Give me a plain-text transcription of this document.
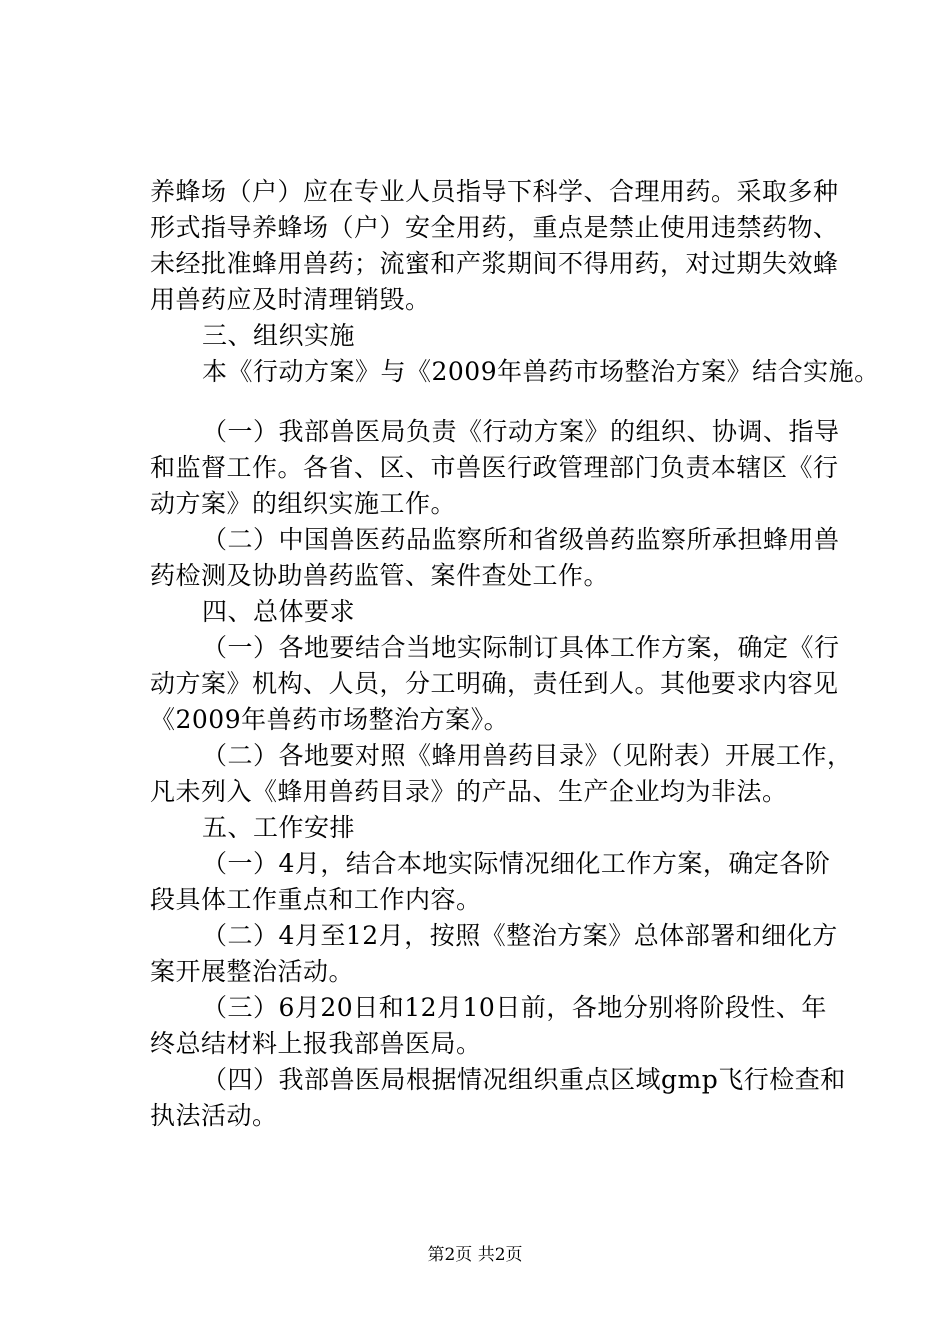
养蜂场（户）应在专业人员指导下科学、合理用药。采取多种
形式指导养蜂场（户）安全用药，重点是禁止使用违禁药物、
未经批准蜂用兽药；流蜜和产浆期间不得用药，对过期失效蜂
用兽药应及时清理销毁。
三、组织实施
本《行动方案》与《2009年兽药市场整治方案》结合实施。
（一）我部兽医局负责《行动方案》的组织、协调、指导
和监督工作。各省、区、市兽医行政管理部门负责本辖区《行
动方案》的组织实施工作。
（二）中国兽医药品监察所和省级兽药监察所承担蜂用兽
药检测及协助兽药监管、案件查处工作。
四、总体要求
（一）各地要结合当地实际制订具体工作方案，确定《行
动方案》机构、人员，分工明确，责任到人。其他要求内容见
《2009年兽药市场整治方案》。
（二）各地要对照《蜂用兽药目录》（见附表）开展工作，
凡未列入《蜂用兽药目录》的产品、生产企业均为非法。
五、工作安排
（一）4月，结合本地实际情况细化工作方案，确定各阶
段具体工作重点和工作内容。
（二）4月至12月，按照《整治方案》总体部署和细化方
案开展整治活动。
（三）6月20日和12月10日前，各地分别将阶段性、年
终总结材料上报我部兽医局。
（四）我部兽医局根据情况组织重点区域gmp飞行检查和
执法活动。
第2页 共2页
